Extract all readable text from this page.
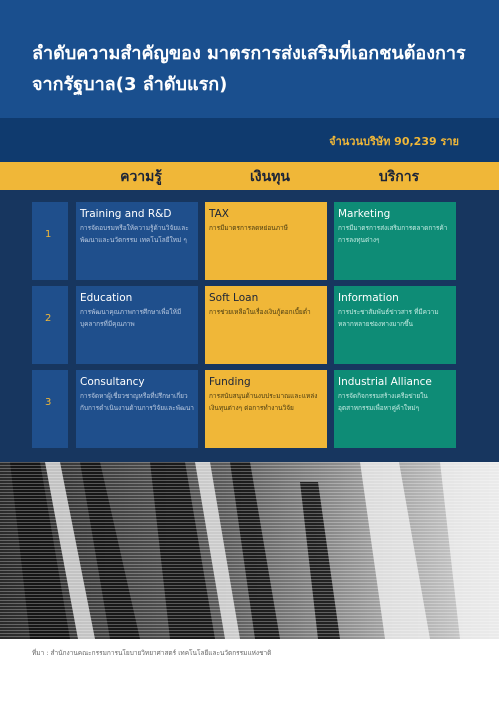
ลำดับความสำคัญของ มาตรการส่งเสริมที่เอกชนต้องการจากรัฐบาล(3 ลำดับแรก)
จำนวนบริษัท 90,239 ราย
ความรู้	เงินทุน	บริการ
1
Training and R&D
การจัดอบรมหรือให้ความรู้ด้านวิจัยและพัฒนาและนวัตกรรม เทคโนโลยีใหม่ ๆ
TAX
การมีมาตรการลดหย่อนภาษี
Marketing
การมีมาตรการส่งเสริมการตลาดการค้า การลงทุนต่างๆ
2
Education
การพัฒนาคุณภาพการศึกษาเพื่อให้มีบุคลากรที่มีคุณภาพ
Soft Loan
การช่วยเหลือในเรื่องเงินกู้ดอกเบี้ยต่ำ
Information
การประชาสัมพันธ์ข่าวสาร ที่มีความหลากหลายช่องทางมากขึ้น
3
Consultancy
การจัดหาผู้เชี่ยวชาญหรือที่ปรึกษาเกี่ยวกับการดำเนินงานด้านการวิจัยและพัฒนา
Funding
การสนับสนุนด้านงบประมาณและแหล่งเงินทุนต่างๆ ต่อการทำงานวิจัย
Industrial Alliance
การจัดกิจกรรมสร้างเครือข่ายในอุตสาหกรรมเพื่อหาคู่ค้าใหม่ๆ
ที่มา : สำนักงานคณะกรรมการนโยบายวิทยาศาสตร์ เทคโนโลยีและนวัตกรรมแห่งชาติ
